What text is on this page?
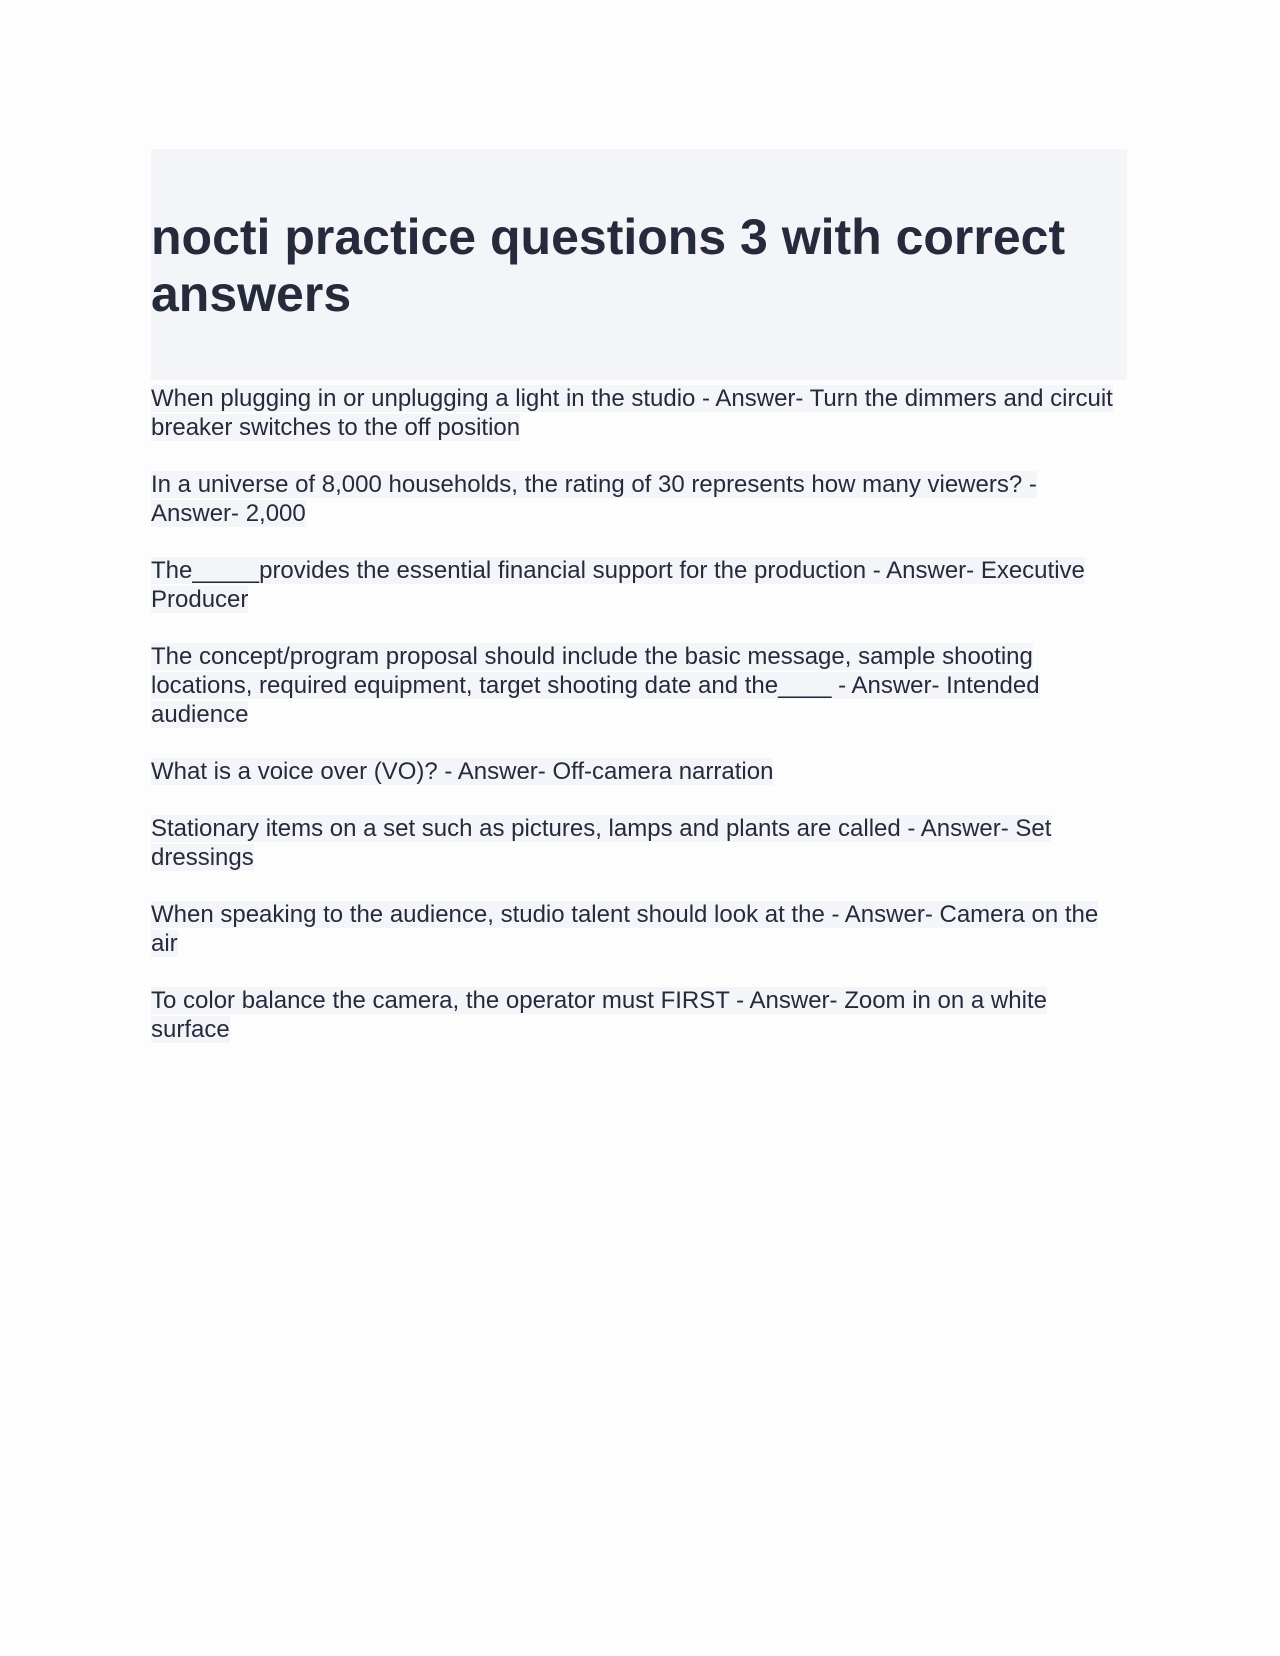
nocti practice questions 3 with correct answers

When plugging in or unplugging a light in the studio - Answer- Turn the dimmers and circuit breaker switches to the off position

In a universe of 8,000 households, the rating of 30 represents how many viewers? - Answer- 2,000

The_____provides the essential financial support for the production - Answer- Executive Producer

The concept/program proposal should include the basic message, sample shooting locations, required equipment, target shooting date and the____ - Answer- Intended audience

What is a voice over (VO)? - Answer- Off-camera narration

Stationary items on a set such as pictures, lamps and plants are called - Answer- Set dressings

When speaking to the audience, studio talent should look at the - Answer- Camera on the air

To color balance the camera, the operator must FIRST - Answer- Zoom in on a white surface
